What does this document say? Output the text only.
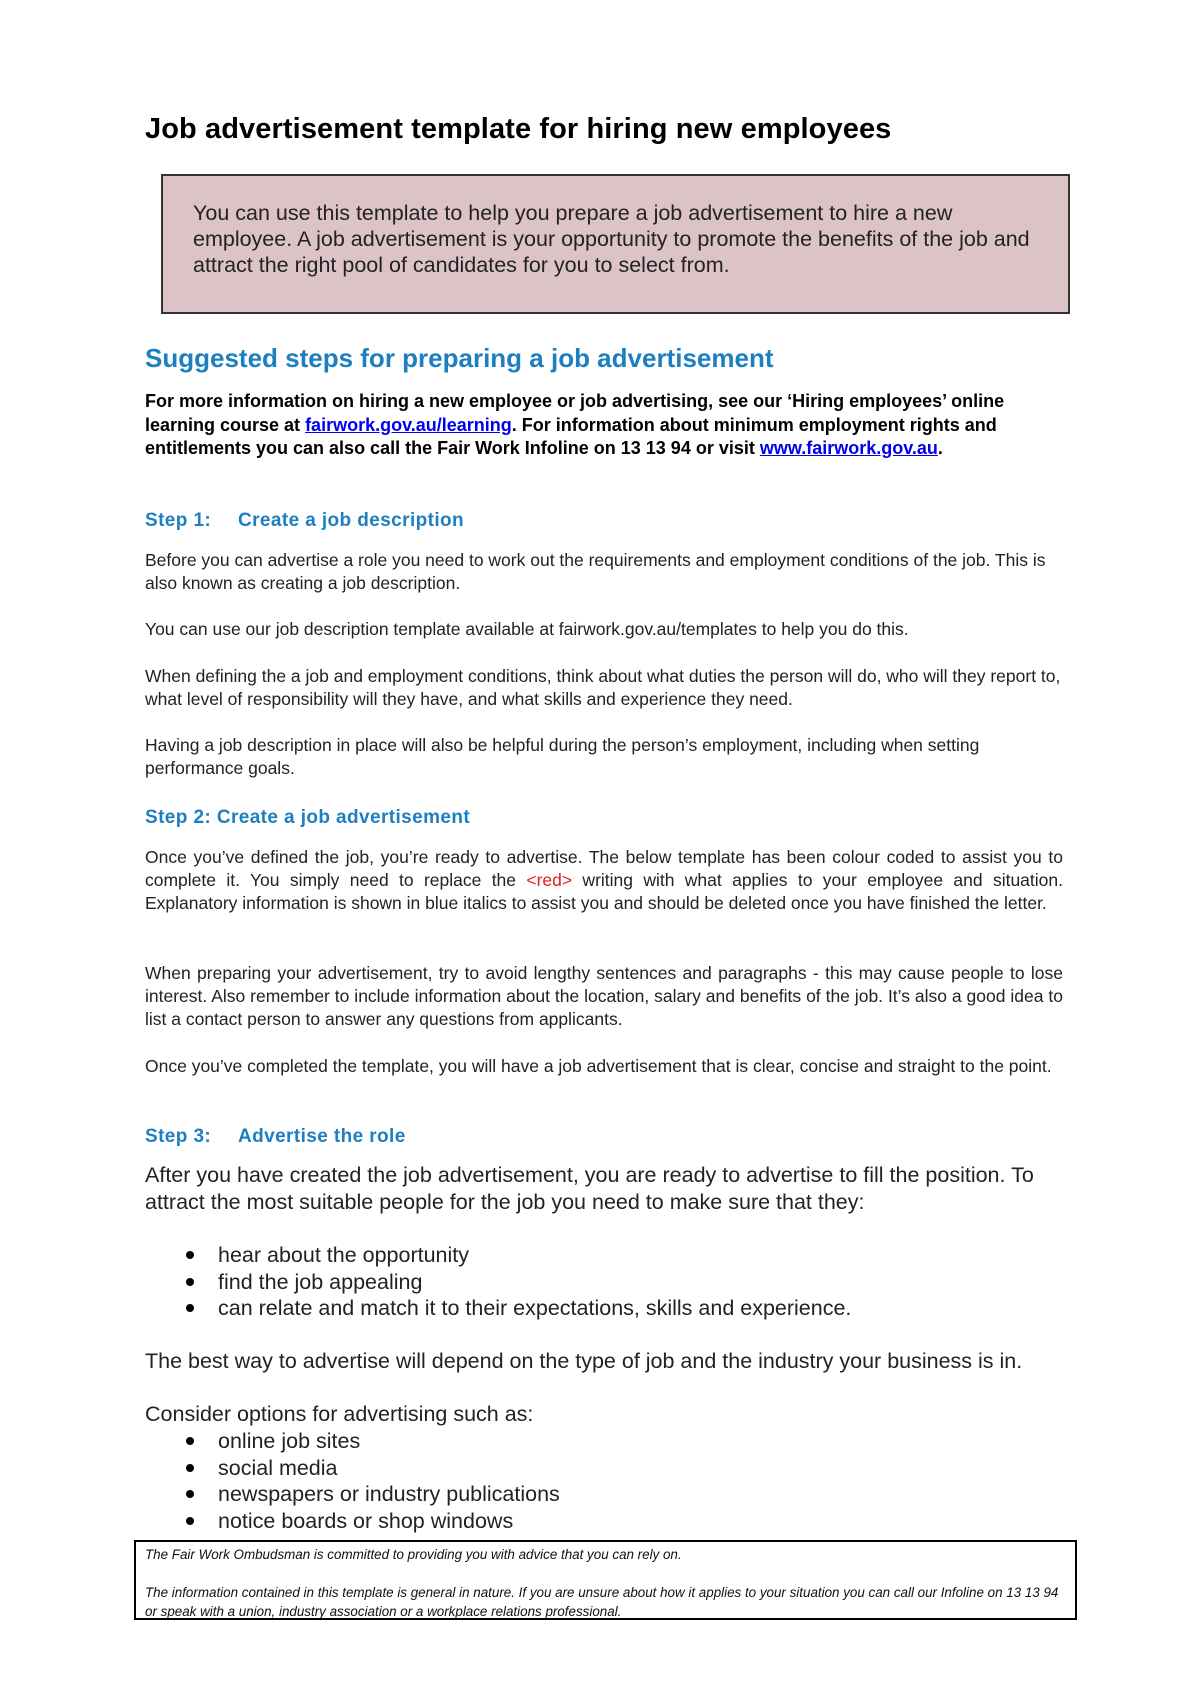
Job advertisement template for hiring new employees

You can use this template to help you prepare a job advertisement to hire a new employee. A job advertisement is your opportunity to promote the benefits of the job and attract the right pool of candidates for you to select from.

Suggested steps for preparing a job advertisement

For more information on hiring a new employee or job advertising, see our ‘Hiring employees’ online learning course at fairwork.gov.au/learning. For information about minimum employment rights and entitlements you can also call the Fair Work Infoline on 13 13 94 or visit www.fairwork.gov.au.

Step 1: Create a job description

Before you can advertise a role you need to work out the requirements and employment conditions of the job. This is also known as creating a job description.

You can use our job description template available at fairwork.gov.au/templates to help you do this.

When defining the a job and employment conditions, think about what duties the person will do, who will they report to, what level of responsibility will they have, and what skills and experience they need.

Having a job description in place will also be helpful during the person’s employment, including when setting performance goals.

Step 2: Create a job advertisement

Once you’ve defined the job, you’re ready to advertise. The below template has been colour coded to assist you to complete it. You simply need to replace the <red> writing with what applies to your employee and situation. Explanatory information is shown in blue italics to assist you and should be deleted once you have finished the letter.

When preparing your advertisement, try to avoid lengthy sentences and paragraphs - this may cause people to lose interest. Also remember to include information about the location, salary and benefits of the job. It’s also a good idea to list a contact person to answer any questions from applicants.

Once you’ve completed the template, you will have a job advertisement that is clear, concise and straight to the point.

Step 3: Advertise the role

After you have created the job advertisement, you are ready to advertise to fill the position. To attract the most suitable people for the job you need to make sure that they:

hear about the opportunity
find the job appealing
can relate and match it to their expectations, skills and experience.

The best way to advertise will depend on the type of job and the industry your business is in.

Consider options for advertising such as:

online job sites
social media
newspapers or industry publications
notice boards or shop windows

The Fair Work Ombudsman is committed to providing you with advice that you can rely on.

The information contained in this template is general in nature. If you are unsure about how it applies to your situation you can call our Infoline on 13 13 94 or speak with a union, industry association or a workplace relations professional.
